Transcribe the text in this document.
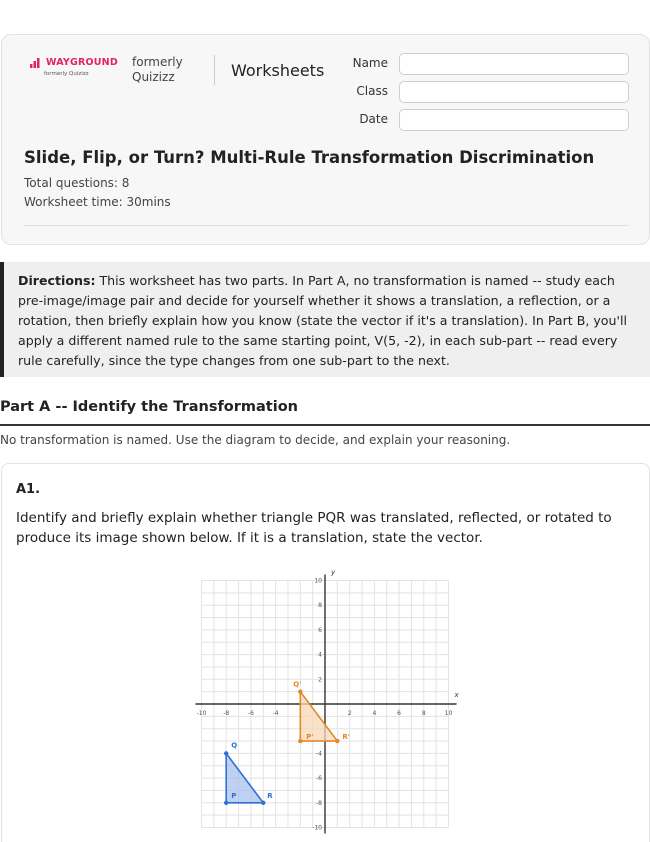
WAYGROUND
formerly Quizizz
formerly
Quizizz	Worksheets	Name
Class
Date
Slide, Flip, or Turn? Multi-Rule Transformation Discrimination
Total questions: 8
Worksheet time: 30mins
Directions: This worksheet has two parts. In Part A, no transformation is named -- study each pre-image/image pair and decide for yourself whether it shows a translation, a reflection, or a rotation, then briefly explain how you know (state the vector if it's a translation). In Part B, you'll apply a different named rule to the same starting point, V(5, -2), in each sub-part -- read every rule carefully, since the type changes from one sub-part to the next.
Part A -- Identify the Transformation
No transformation is named. Use the diagram to decide, and explain your reasoning.
A1.
Identify and briefly explain whether triangle PQR was translated, reflected, or rotated to produce its image shown below. If it is a translation, state the vector.
x
y
-10	-8	-6	-4	2	4	6	8	10
10
8
6
4
2
-4
-6
-8
-10
Q
P	R
Q'
P'	R'
